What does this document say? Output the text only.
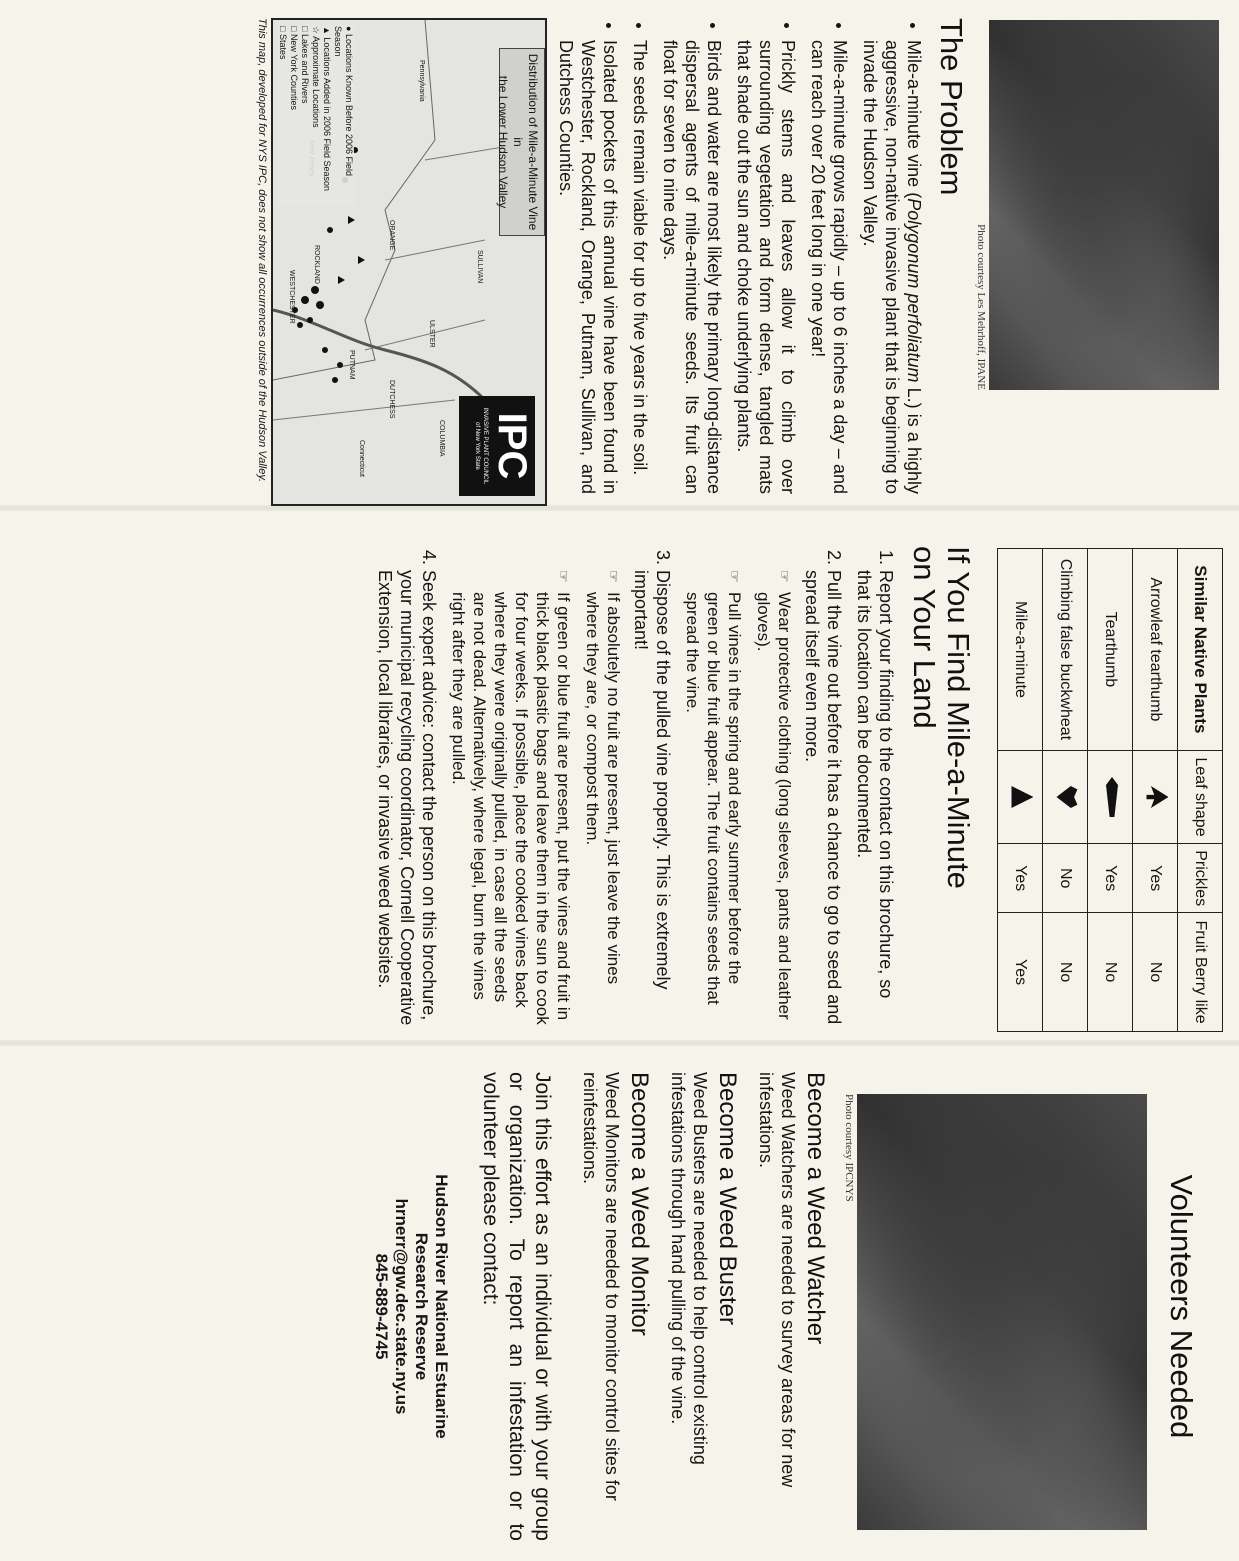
Photo courtesy Les Mehrhoff, IPANE
The Problem
• Mile-a-minute vine (Polygonum perfoliatum L.) is a highly aggressive, non-native invasive plant that is beginning to invade the Hudson Valley.
• Mile-a-minute grows rapidly – up to 6 inches a day – and can reach over 20 feet long in one year!
• Prickly stems and leaves allow it to climb over surrounding vegetation and form dense, tangled mats that shade out the sun and choke underlying plants.
• Birds and water are most likely the primary long-distance dispersal agents of mile-a-minute seeds. Its fruit can float for seven to nine days.
• The seeds remain viable for up to five years in the soil.
• Isolated pockets of this annual vine have been found in Westchester, Rockland, Orange, Putnam, Sullivan, and Dutchess Counties.
Distribution of Mile-a-Minute Vine in
the Lower Hudson Valley
IPC
INVASIVE PLANT COUNCIL
of New York State
SULLIVAN
ULSTER
DUTCHESS
ORANGE
PUTNAM
ROCKLAND
WESTCHESTER
COLUMBIA
Connecticut
Pennsylvania
● Locations Known Before 2006 Field Season
▲ Locations Added in 2006 Field Season
☆ Approximate Locations
□ Lakes and Rivers
□ New York Counties
□ States
This map, developed for NYS IPC, does not show all occurrences outside of the Hudson Valley.
Similar Native Plants	Leaf shape	Prickles	Fruit Berry like
Arrowleaf tearthumb		Yes	No
Tearthumb		Yes	No
Climbing false buckwheat		No	No
Mile-a-minute		Yes	Yes
If You Find Mile-a-Minute
on Your Land
1. Report your finding to the contact on this brochure, so that its location can be documented.
2. Pull the vine out before it has a chance to go to seed and spread itself even more.
☞
Wear protective clothing (long sleeves, pants and leather gloves).
☞
Pull vines in the spring and early summer before the green or blue fruit appear. The fruit contains seeds that spread the vine.
3. Dispose of the pulled vine properly. This is extremely important!
☞
If absolutely no fruit are present, just leave the vines where they are, or compost them.
☞
If green or blue fruit are present, put the vines and fruit in thick black plastic bags and leave them in the sun to cook for four weeks. If possible, place the cooked vines back where they were originally pulled, in case all the seeds are not dead. Alternatively, where legal, burn the vines right after they are pulled.
4. Seek expert advice: contact the person on this brochure, your municipal recycling coordinator, Cornell Cooperative Extension, local libraries, or invasive weed websites.
Volunteers Needed
Photo courtesy IPCNYS
Become a Weed Watcher

Weed Watchers are needed to survey areas for new infestations.

Become a Weed Buster

Weed Busters are needed to help control existing infestations through hand pulling of the vine.

Become a Weed Monitor

Weed Monitors are needed to monitor control sites for reinfestations.

Join this effort as an individual or with your group or organization. To report an infestation or to volunteer please contact:

Hudson River National Estuarine
Research Reserve
hrnerr@gw.dec.state.ny.us
845-889-4745
